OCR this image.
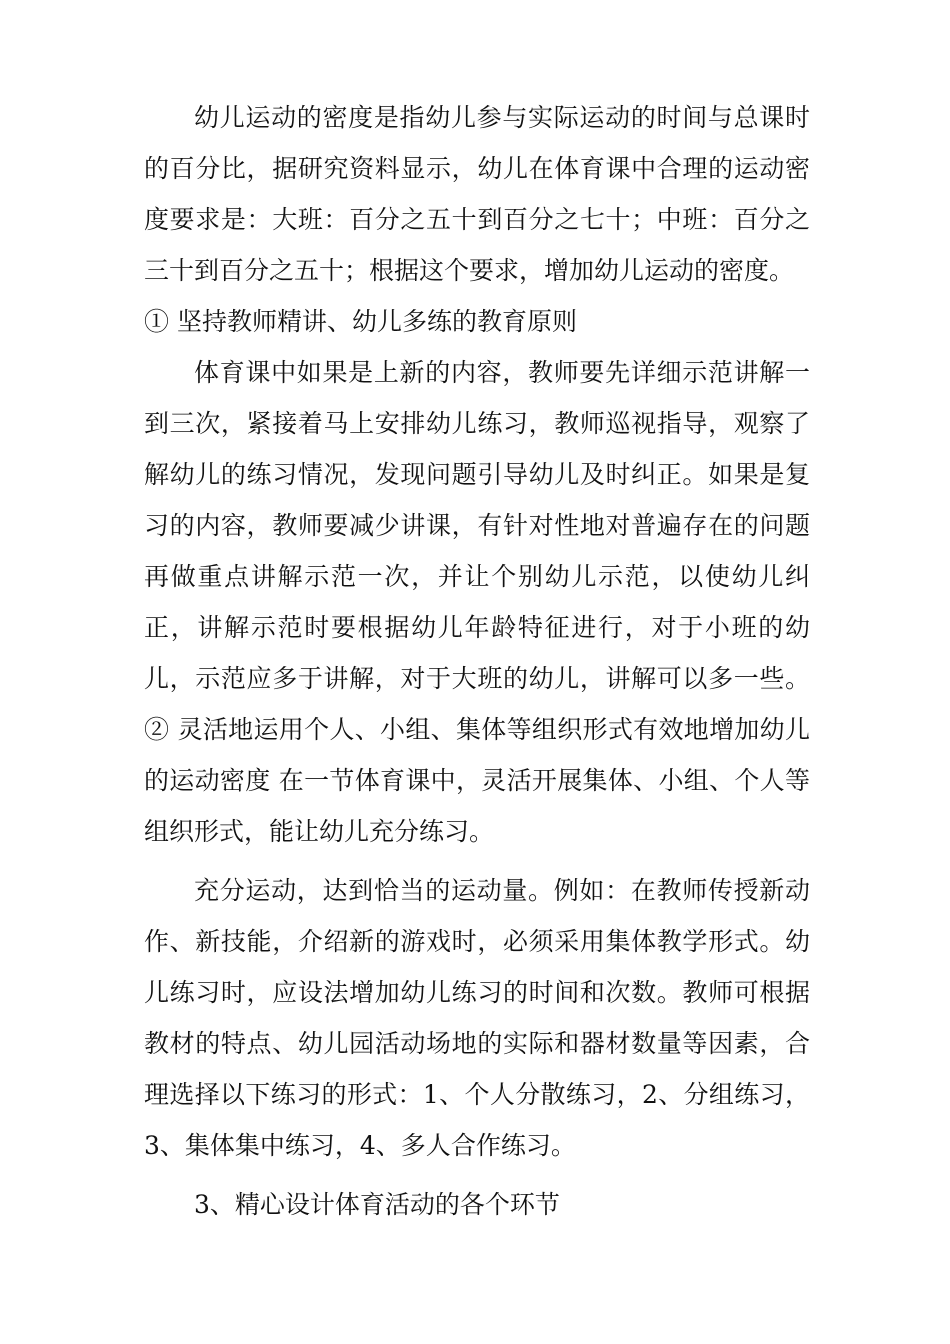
幼儿运动的密度是指幼儿参与实际运动的时间与总课时的百分比，据研究资料显示，幼儿在体育课中合理的运动密度要求是：大班：百分之五十到百分之七十；中班：百分之三十到百分之五十；根据这个要求，增加幼儿运动的密度。

① 坚持教师精讲、幼儿多练的教育原则

体育课中如果是上新的内容，教师要先详细示范讲解一到三次，紧接着马上安排幼儿练习，教师巡视指导，观察了解幼儿的练习情况，发现问题引导幼儿及时纠正。如果是复习的内容，教师要减少讲课，有针对性地对普遍存在的问题再做重点讲解示范一次，并让个别幼儿示范，以使幼儿纠正，讲解示范时要根据幼儿年龄特征进行，对于小班的幼儿，示范应多于讲解，对于大班的幼儿，讲解可以多一些。② 灵活地运用个人、小组、集体等组织形式有效地增加幼儿的运动密度 在一节体育课中，灵活开展集体、小组、个人等组织形式，能让幼儿充分练习。

充分运动，达到恰当的运动量。例如：在教师传授新动作、新技能，介绍新的游戏时，必须采用集体教学形式。幼儿练习时，应设法增加幼儿练习的时间和次数。教师可根据教材的特点、幼儿园活动场地的实际和器材数量等因素，合理选择以下练习的形式：1、个人分散练习，2、分组练习，3、集体集中练习，4、多人合作练习。

3、精心设计体育活动的各个环节
